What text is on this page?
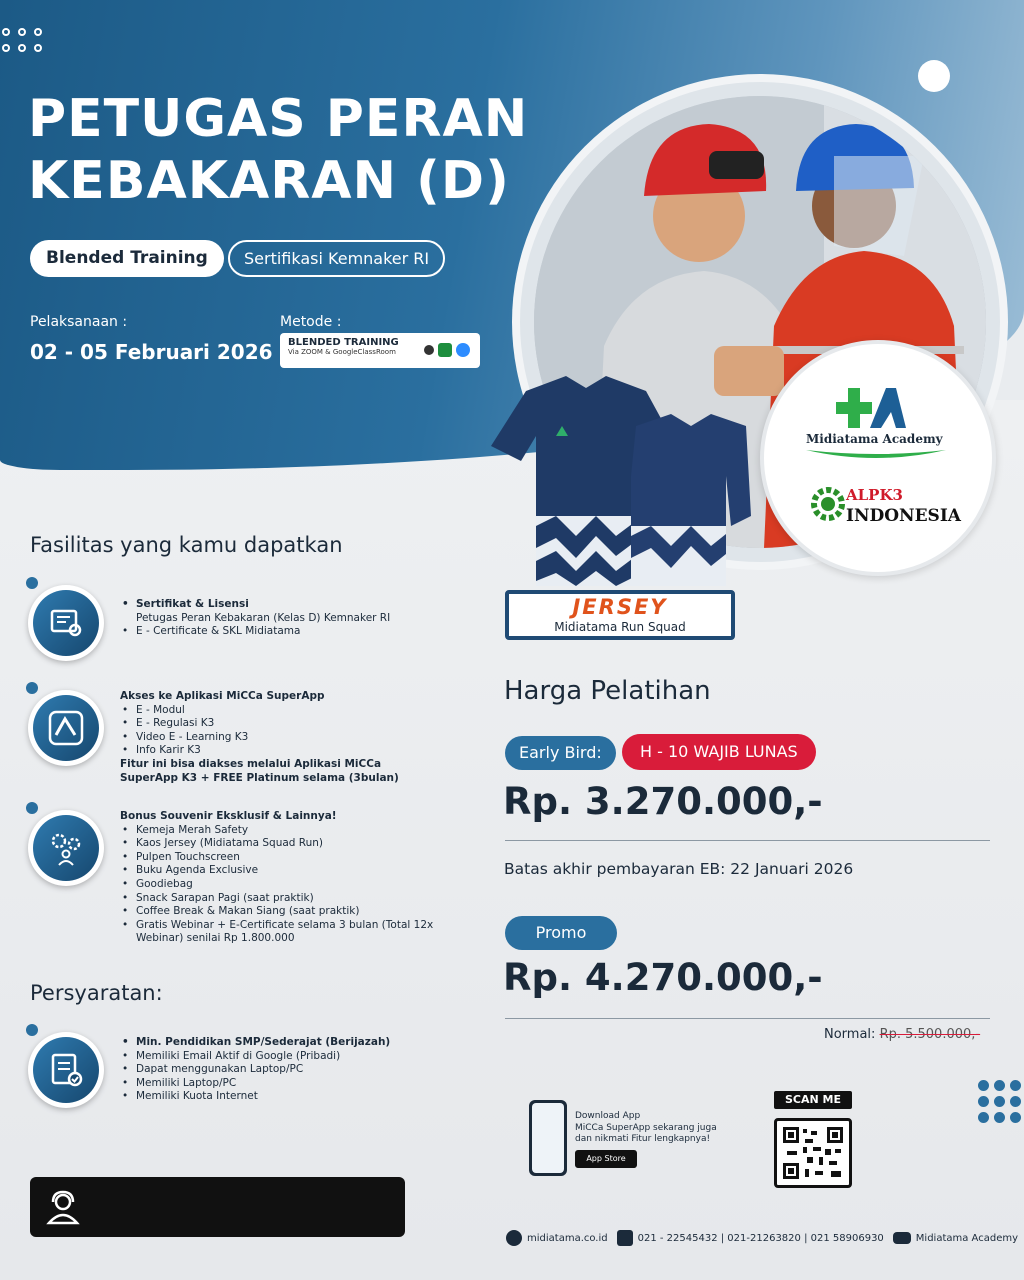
PETUGAS PERAN
KEBAKARAN (D)
Blended Training	Sertifikasi Kemnaker RI
Pelaksanaan :
02 - 05 Februari 2026
Metode :
BLENDED TRAINING
Via ZOOM & GoogleClassRoom
JERSEY
Midiatama Run Squad
Midiatama Academy
ALPK3
INDONESIA
Fasilitas yang kamu dapatkan
• Sertifikat & Lisensi
Petugas Peran Kebakaran (Kelas D) Kemnaker RI
• E - Certificate & SKL Midiatama
Akses ke Aplikasi MiCCa SuperApp
• E - Modul
• E - Regulasi K3
• Video E - Learning K3
• Info Karir K3
Fitur ini bisa diakses melalui Aplikasi MiCCa
SuperApp K3 + FREE Platinum selama (3bulan)
Bonus Souvenir Eksklusif & Lainnya!
• Kemeja Merah Safety
• Kaos Jersey (Midiatama Squad Run)
• Pulpen Touchscreen
• Buku Agenda Exclusive
• Goodiebag
• Snack Sarapan Pagi (saat praktik)
• Coffee Break & Makan Siang (saat praktik)
• Gratis Webinar + E-Certificate selama 3 bulan (Total 12x
Webinar) senilai Rp 1.800.000
Persyaratan:
• Min. Pendidikan SMP/Sederajat (Berijazah)
• Memiliki Email Aktif di Google (Pribadi)
• Dapat menggunakan Laptop/PC
• Memiliki Laptop/PC
• Memiliki Kuota Internet
Harga Pelatihan
Early Bird:	H - 10 WAJIB LUNAS
Rp. 3.270.000,-
Batas akhir pembayaran EB: 22 Januari 2026
Promo
Rp. 4.270.000,-
Normal: Rp. 5.500.000,-
Download App
MiCCa SuperApp sekarang juga
dan nikmati Fitur lengkapnya!
App Store
SCAN ME
midiatama.co.id	021 - 22545432 | 021-21263820 | 021 58906930	Midiatama Academy
